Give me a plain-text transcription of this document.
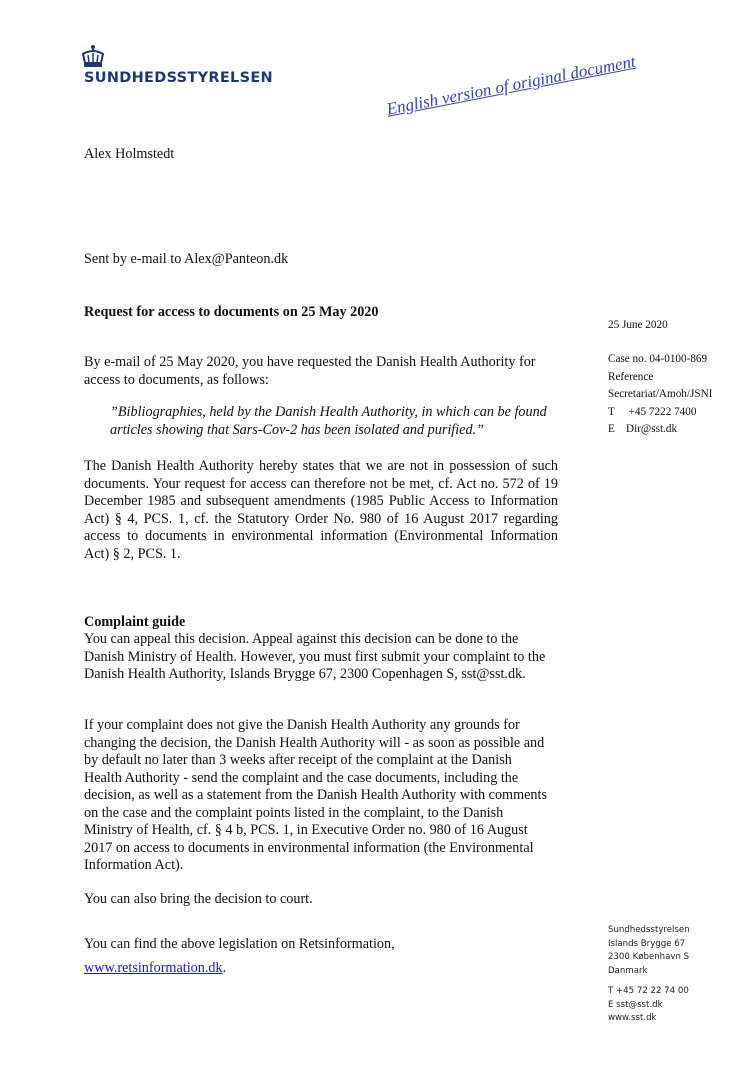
SUNDHEDSSTYRELSEN	English version of original document
Alex Holmstedt
Sent by e-mail to Alex@Panteon.dk
Request for access to documents on 25 May 2020

By e-mail of 25 May 2020, you have requested the Danish Health Authority for access to documents, as follows:

”Bibliographies, held by the Danish Health Authority, in which can be found articles showing that Sars-Cov-2 has been isolated and purified.”

The Danish Health Authority hereby states that we are not in possession of such documents. Your request for access can therefore not be met, cf. Act no. 572 of 19 December 1985 and subsequent amendments (1985 Public Access to Information Act) § 4, PCS. 1, cf. the Statutory Order No. 980 of 16 August 2017 regarding access to documents in environmental information (Environmental Information Act) § 2, PCS. 1.

Complaint guide

You can appeal this decision. Appeal against this decision can be done to the Danish Ministry of Health. However, you must first submit your complaint to the Danish Health Authority, Islands Brygge 67, 2300 Copenhagen S, sst@sst.dk.

If your complaint does not give the Danish Health Authority any grounds for changing the decision, the Danish Health Authority will - as soon as possible and by default no later than 3 weeks after receipt of the complaint at the Danish Health Authority - send the complaint and the case documents, including the decision, as well as a statement from the Danish Health Authority with comments on the case and the complaint points listed in the complaint, to the Danish Ministry of Health, cf. § 4 b, PCS. 1, in Executive Order no. 980 of 16 August 2017 on access to documents in environmental information (the Environmental Information Act).

You can also bring the decision to court.

You can find the above legislation on Retsinformation,

www.retsinformation.dk.
25 June 2020
Case no. 04-0100-869
Reference
Secretariat/Amoh/JSNI
T     +45 7222 7400
E    Dir@sst.dk
Sundhedsstyrelsen
Islands Brygge 67
2300 København S
Danmark
T +45 72 22 74 00
E sst@sst.dk
www.sst.dk
